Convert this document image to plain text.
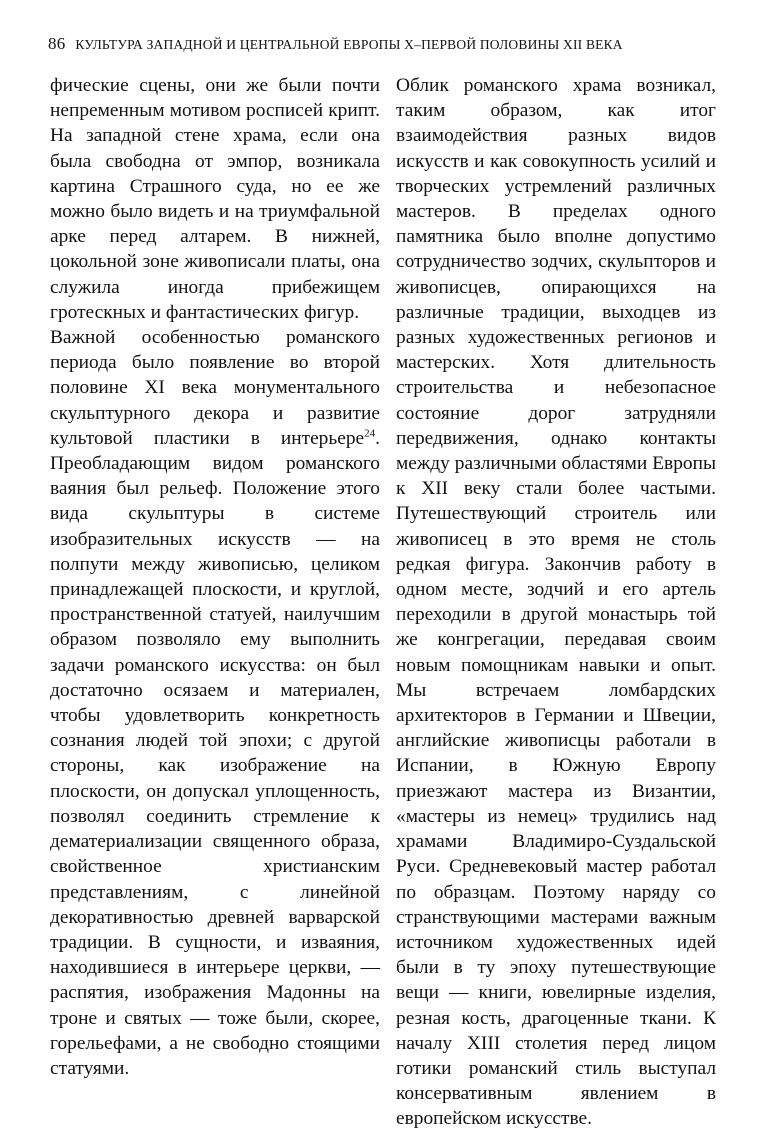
86 КУЛЬТУРА ЗАПАДНОЙ И ЦЕНТРАЛЬНОЙ ЕВРОПЫ X–ПЕРВОЙ ПОЛОВИНЫ XII ВЕКА

фические сцены, они же были почти непременным мотивом росписей крипт. На западной стене храма, если она была свободна от эмпор, возникала картина Страшного суда, но ее же можно было видеть и на триумфальной арке перед алтарем. В нижней, цокольной зоне живописали платы, она служила иногда прибежищем гротескных и фантастических фигур.

Важной особенностью романского периода было появление во второй половине XI века монументального скульптурного декора и развитие культовой пластики в интерьере$^{24}$. Преобладающим видом романского ваяния был рельеф. Положение этого вида скульптуры в системе изобразительных искусств — на полпути между живописью, целиком принадлежащей плоскости, и круглой, пространственной статуей, наилучшим образом позволяло ему выполнить задачи романского искусства: он был достаточно осязаем и материален, чтобы удовлетворить конкретность сознания людей той эпохи; с другой стороны, как изображение на плоскости, он допускал уплощенность, позволял соединить стремление к дематериализации священного образа, свойственное христианским представлениям, с линейной декоративностью древней варварской традиции. В сущности, и изваяния, находившиеся в интерьере церкви, — распятия, изображения Мадонны на троне и святых — тоже были, скорее, горельефами, а не свободно стоящими статуями.

Облик романского храма возникал, таким образом, как итог взаимодействия разных видов искусств и как совокупность усилий и творческих устремлений различных мастеров. В пределах одного памятника было вполне допустимо сотрудничество зодчих, скульпторов и живописцев, опирающихся на различные традиции, выходцев из разных художественных регионов и мастерских. Хотя длительность строительства и небезопасное состояние дорог затрудняли передвижения, однако контакты между различными областями Европы к XII веку стали более частыми. Путешествующий строитель или живописец в это время не столь редкая фигура. Закончив работу в одном месте, зодчий и его артель переходили в другой монастырь той же конгрегации, передавая своим новым помощникам навыки и опыт. Мы встречаем ломбардских архитекторов в Германии и Швеции, английские живописцы работали в Испании, в Южную Европу приезжают мастера из Византии, «мастеры из немец» трудились над храмами Владимиро-Суздальской Руси. Средневековый мастер работал по образцам. Поэтому наряду со странствующими мастерами важным источником художественных идей были в ту эпоху путешествующие вещи — книги, ювелирные изделия, резная кость, драгоценные ткани. К началу XIII столетия перед лицом готики романский стиль выступал консервативным явлением в европейском искусстве.
